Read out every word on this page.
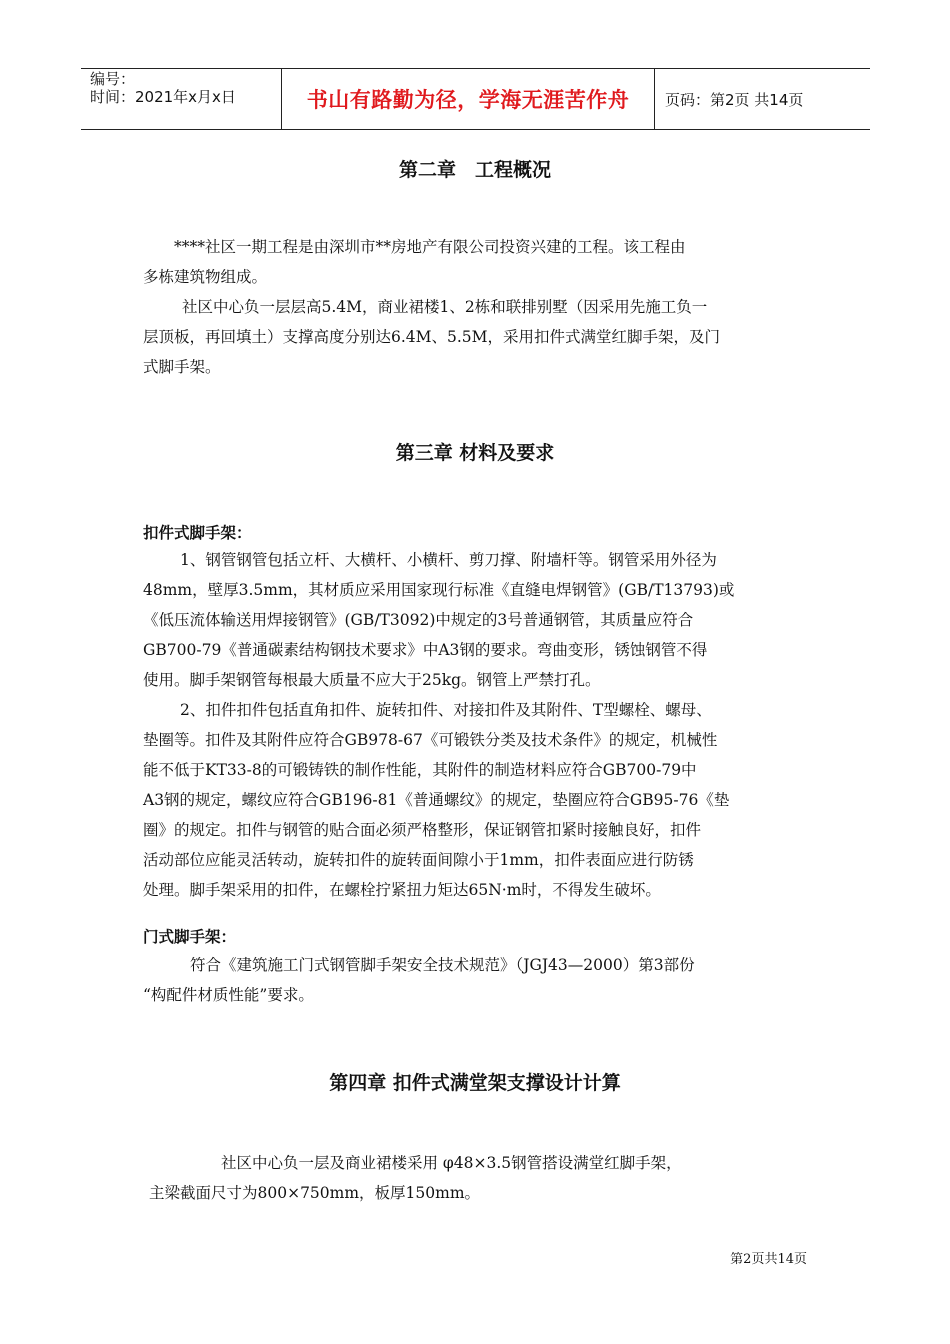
编号：
时间：2021年x月x日	书山有路勤为径，学海无涯苦作舟	页码：第2页 共14页
第二章　工程概况
****社区一期工程是由深圳市**房地产有限公司投资兴建的工程。该工程由
多栋建筑物组成。
社区中心负一层层高5.4M，商业裙楼1、2栋和联排别墅（因采用先施工负一
层顶板，再回填土）支撑高度分别达6.4M、5.5M，采用扣件式满堂红脚手架，及门
式脚手架。
第三章 材料及要求
扣件式脚手架：
1、钢管钢管包括立杆、大横杆、小横杆、剪刀撑、附墙杆等。钢管采用外径为
48mm，壁厚3.5mm，其材质应采用国家现行标准《直缝电焊钢管》(GB/T13793)或
《低压流体输送用焊接钢管》(GB/T3092)中规定的3号普通钢管，其质量应符合
GB700-79《普通碳素结构钢技术要求》中A3钢的要求。弯曲变形，锈蚀钢管不得
使用。脚手架钢管每根最大质量不应大于25kg。钢管上严禁打孔。
2、扣件扣件包括直角扣件、旋转扣件、对接扣件及其附件、T型螺栓、螺母、
垫圈等。扣件及其附件应符合GB978-67《可锻铁分类及技术条件》的规定，机械性
能不低于KT33-8的可锻铸铁的制作性能，其附件的制造材料应符合GB700-79中
A3钢的规定，螺纹应符合GB196-81《普通螺纹》的规定，垫圈应符合GB95-76《垫
圈》的规定。扣件与钢管的贴合面必须严格整形，保证钢管扣紧时接触良好，扣件
活动部位应能灵活转动，旋转扣件的旋转面间隙小于1mm，扣件表面应进行防锈
处理。脚手架采用的扣件，在螺栓拧紧扭力矩达65N·m时，不得发生破坏。
门式脚手架：
符合《建筑施工门式钢管脚手架安全技术规范》（JGJ43—2000）第3部份
“构配件材质性能”要求。
第四章 扣件式满堂架支撑设计计算
社区中心负一层及商业裙楼采用 φ48×3.5钢管搭设满堂红脚手架，
主梁截面尺寸为800×750mm，板厚150mm。
第2页共14页
